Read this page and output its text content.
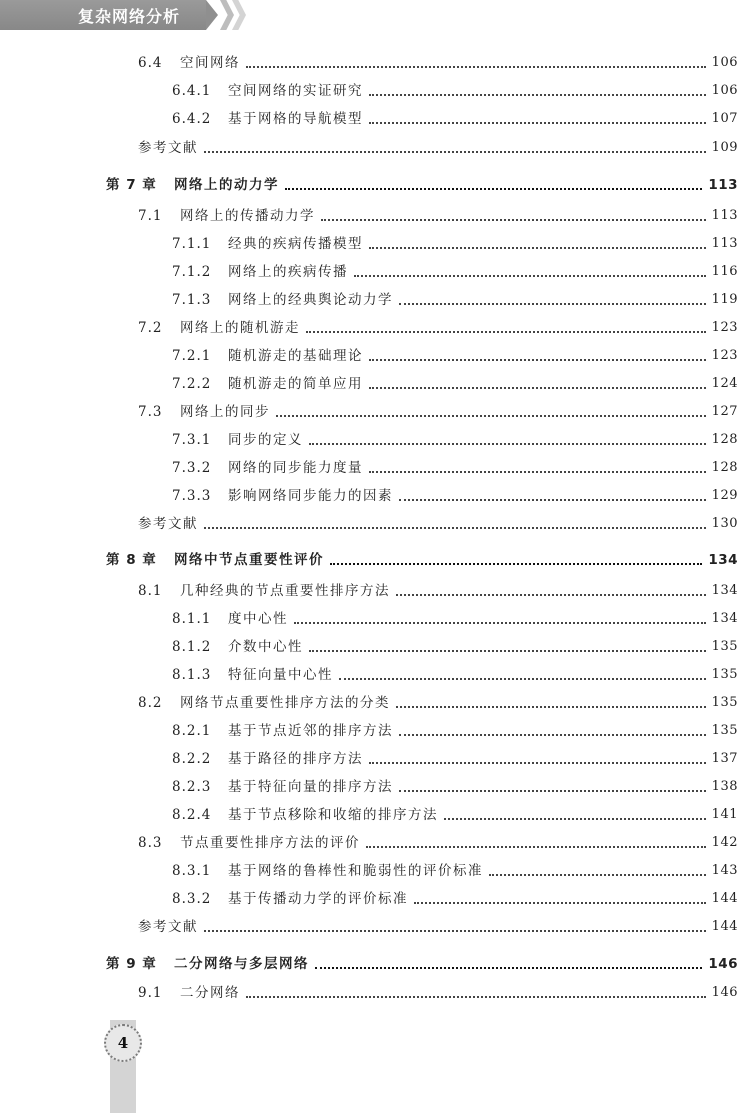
复杂网络分析
6.4	空间网络	106
6.4.1	空间网络的实证研究	106
6.4.2	基于网格的导航模型	107
参考文献	109
第 7 章	网络上的动力学	113
7.1	网络上的传播动力学	113
7.1.1	经典的疾病传播模型	113
7.1.2	网络上的疾病传播	116
7.1.3	网络上的经典舆论动力学	119
7.2	网络上的随机游走	123
7.2.1	随机游走的基础理论	123
7.2.2	随机游走的简单应用	124
7.3	网络上的同步	127
7.3.1	同步的定义	128
7.3.2	网络的同步能力度量	128
7.3.3	影响网络同步能力的因素	129
参考文献	130
第 8 章	网络中节点重要性评价	134
8.1	几种经典的节点重要性排序方法	134
8.1.1	度中心性	134
8.1.2	介数中心性	135
8.1.3	特征向量中心性	135
8.2	网络节点重要性排序方法的分类	135
8.2.1	基于节点近邻的排序方法	135
8.2.2	基于路径的排序方法	137
8.2.3	基于特征向量的排序方法	138
8.2.4	基于节点移除和收缩的排序方法	141
8.3	节点重要性排序方法的评价	142
8.3.1	基于网络的鲁棒性和脆弱性的评价标准	143
8.3.2	基于传播动力学的评价标准	144
参考文献	144
第 9 章	二分网络与多层网络	146
9.1	二分网络	146
4
